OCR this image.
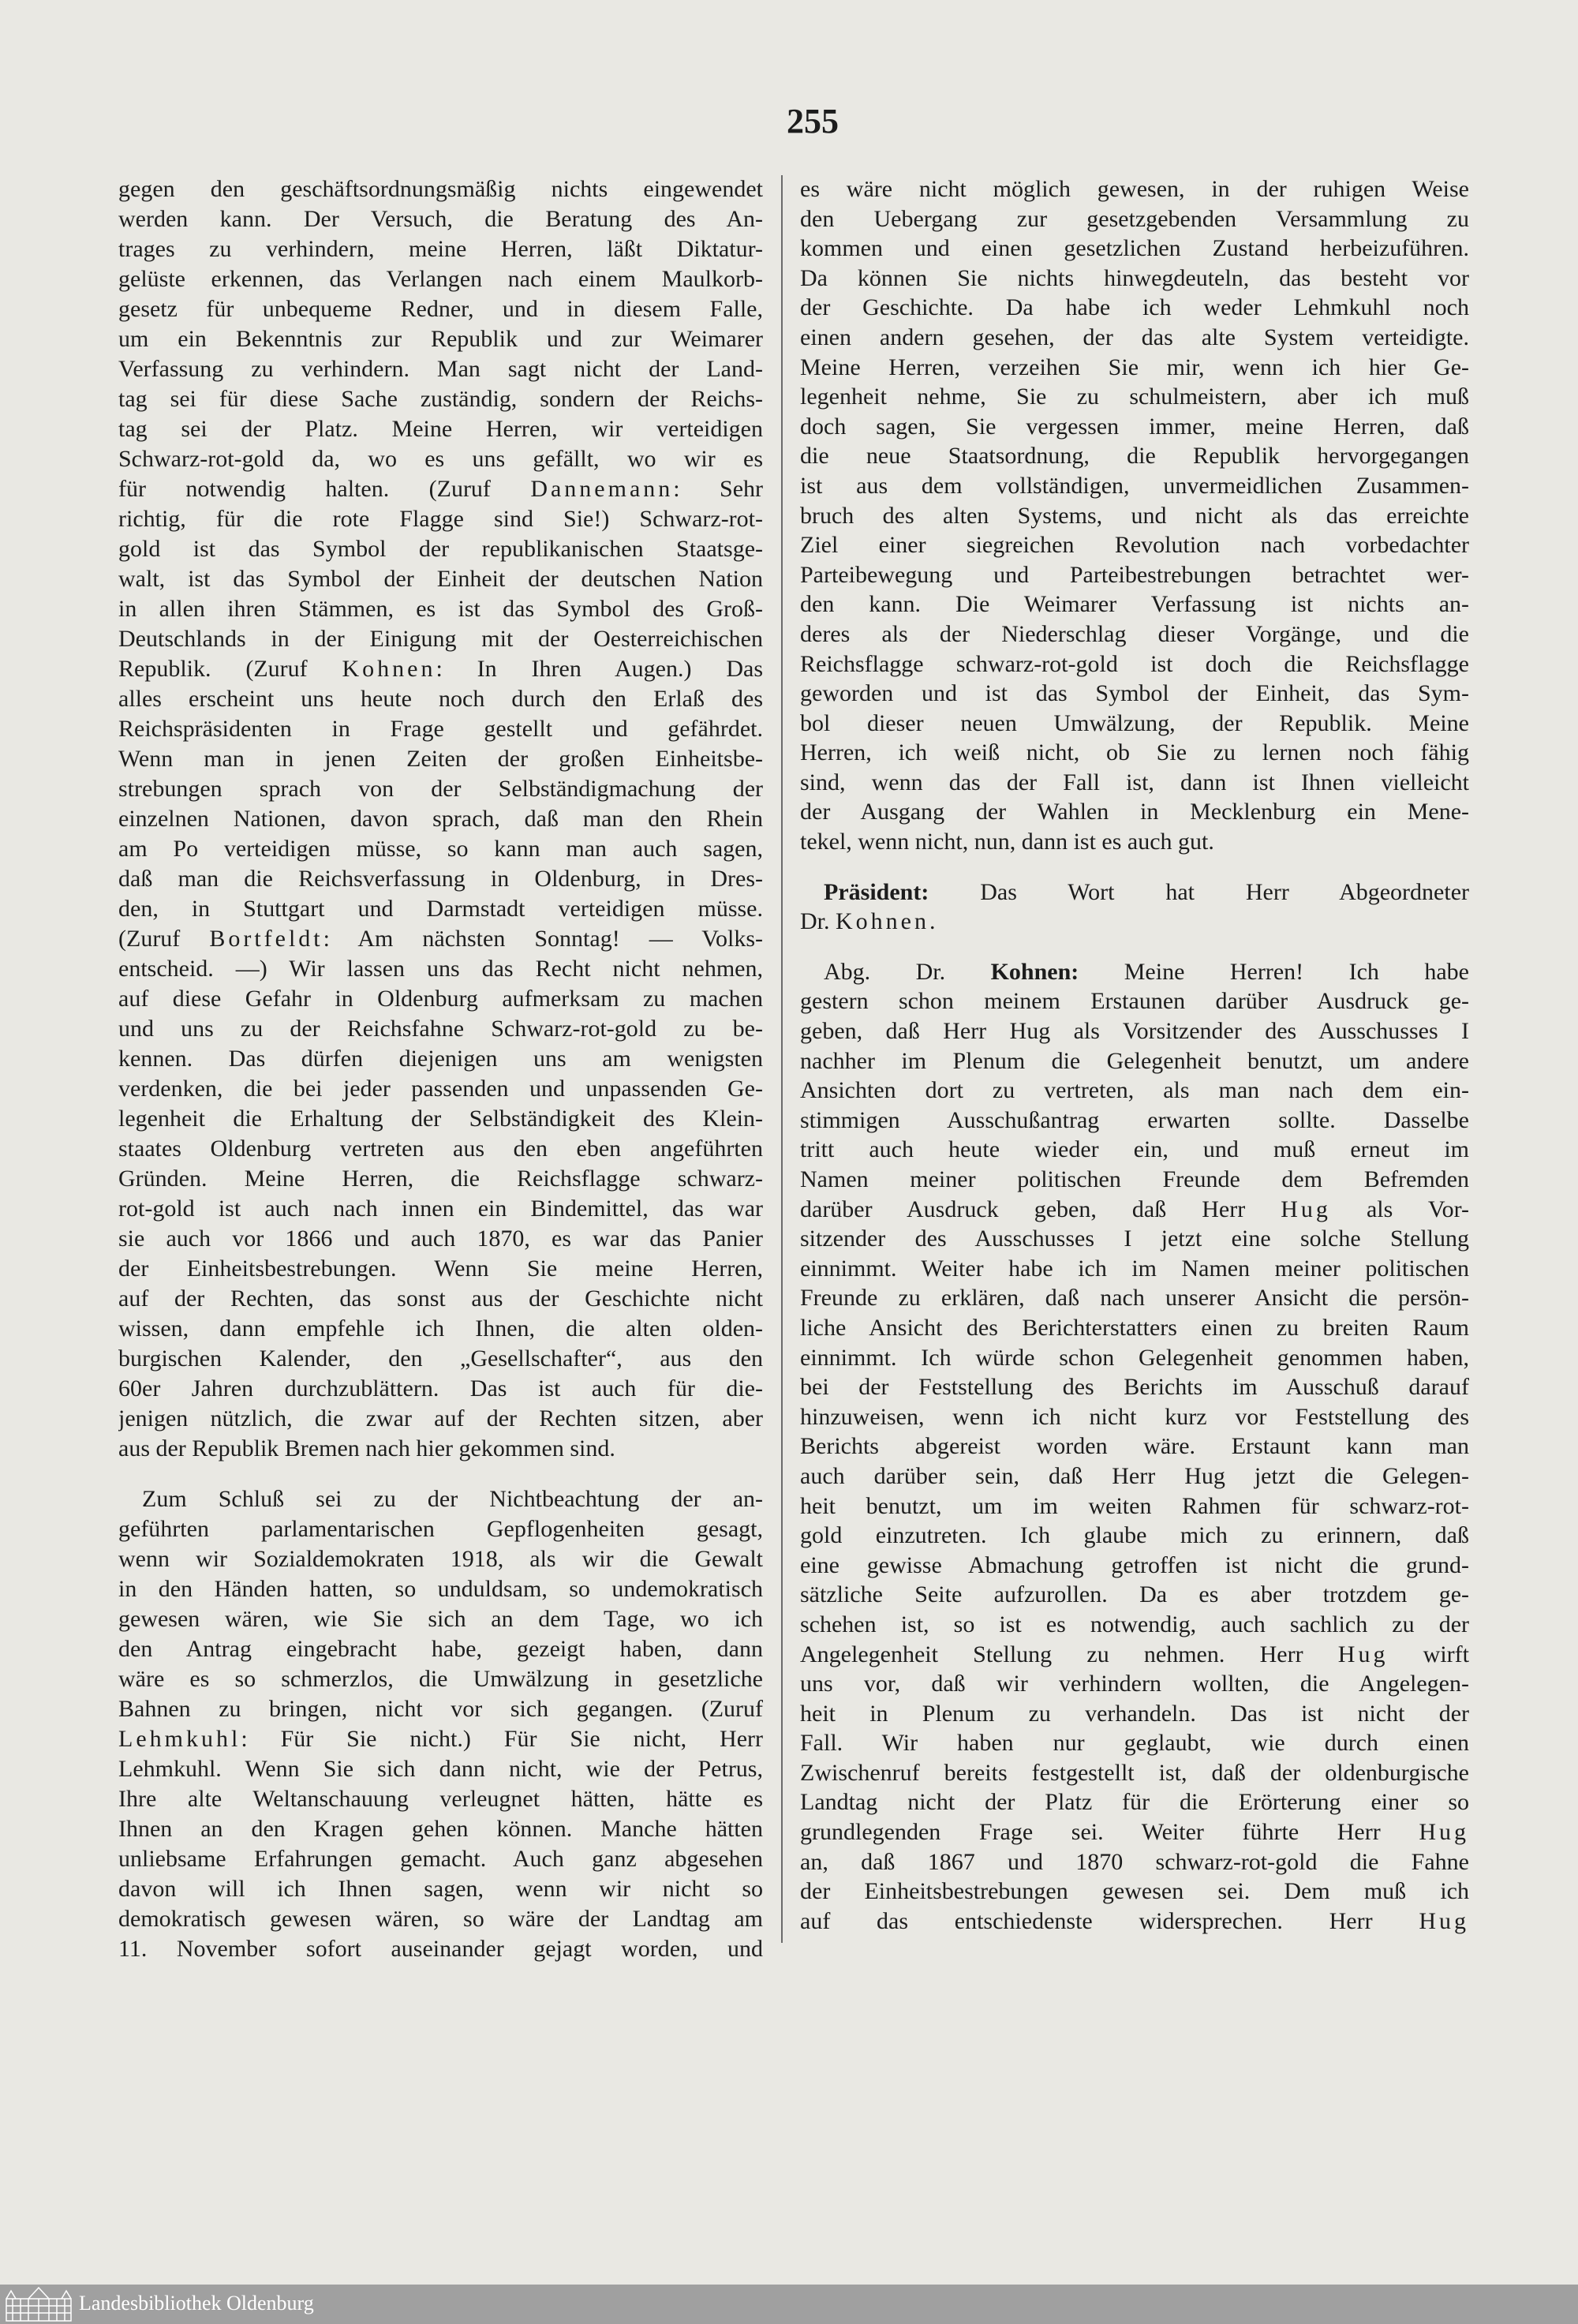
255
gegen den geschäftsordnungsmäßig nichts eingewendet
werden kann. Der Versuch, die Beratung des An-
trages zu verhindern, meine Herren, läßt Diktatur-
gelüste erkennen, das Verlangen nach einem Maulkorb-
gesetz für unbequeme Redner, und in diesem Falle,
um ein Bekenntnis zur Republik und zur Weimarer
Verfassung zu verhindern. Man sagt nicht der Land-
tag sei für diese Sache zuständig, sondern der Reichs-
tag sei der Platz. Meine Herren, wir verteidigen
Schwarz-rot-gold da, wo es uns gefällt, wo wir es
für notwendig halten. (Zuruf Dannemann: Sehr
richtig, für die rote Flagge sind Sie!) Schwarz-rot-
gold ist das Symbol der republikanischen Staatsge-
walt, ist das Symbol der Einheit der deutschen Nation
in allen ihren Stämmen, es ist das Symbol des Groß-
Deutschlands in der Einigung mit der Oesterreichischen
Republik. (Zuruf Kohnen: In Ihren Augen.) Das
alles erscheint uns heute noch durch den Erlaß des
Reichspräsidenten in Frage gestellt und gefährdet.
Wenn man in jenen Zeiten der großen Einheitsbe-
strebungen sprach von der Selbständigmachung der
einzelnen Nationen, davon sprach, daß man den Rhein
am Po verteidigen müsse, so kann man auch sagen,
daß man die Reichsverfassung in Oldenburg, in Dres-
den, in Stuttgart und Darmstadt verteidigen müsse.
(Zuruf Bortfeldt: Am nächsten Sonntag! — Volks-
entscheid. —) Wir lassen uns das Recht nicht nehmen,
auf diese Gefahr in Oldenburg aufmerksam zu machen
und uns zu der Reichsfahne Schwarz-rot-gold zu be-
kennen. Das dürfen diejenigen uns am wenigsten
verdenken, die bei jeder passenden und unpassenden Ge-
legenheit die Erhaltung der Selbständigkeit des Klein-
staates Oldenburg vertreten aus den eben angeführten
Gründen. Meine Herren, die Reichsflagge schwarz-
rot-gold ist auch nach innen ein Bindemittel, das war
sie auch vor 1866 und auch 1870, es war das Panier
der Einheitsbestrebungen. Wenn Sie meine Herren,
auf der Rechten, das sonst aus der Geschichte nicht
wissen, dann empfehle ich Ihnen, die alten olden-
burgischen Kalender, den „Gesellschafter“, aus den
60er Jahren durchzublättern. Das ist auch für die-
jenigen nützlich, die zwar auf der Rechten sitzen, aber
aus der Republik Bremen nach hier gekommen sind.
Zum Schluß sei zu der Nichtbeachtung der an-
geführten parlamentarischen Gepflogenheiten gesagt,
wenn wir Sozialdemokraten 1918, als wir die Gewalt
in den Händen hatten, so unduldsam, so undemokratisch
gewesen wären, wie Sie sich an dem Tage, wo ich
den Antrag eingebracht habe, gezeigt haben, dann
wäre es so schmerzlos, die Umwälzung in gesetzliche
Bahnen zu bringen, nicht vor sich gegangen. (Zuruf
Lehmkuhl: Für Sie nicht.) Für Sie nicht, Herr
Lehmkuhl. Wenn Sie sich dann nicht, wie der Petrus,
Ihre alte Weltanschauung verleugnet hätten, hätte es
Ihnen an den Kragen gehen können. Manche hätten
unliebsame Erfahrungen gemacht. Auch ganz abgesehen
davon will ich Ihnen sagen, wenn wir nicht so
demokratisch gewesen wären, so wäre der Landtag am
11. November sofort auseinander gejagt worden, und
es wäre nicht möglich gewesen, in der ruhigen Weise
den Uebergang zur gesetzgebenden Versammlung zu
kommen und einen gesetzlichen Zustand herbeizuführen.
Da können Sie nichts hinwegdeuteln, das besteht vor
der Geschichte. Da habe ich weder Lehmkuhl noch
einen andern gesehen, der das alte System verteidigte.
Meine Herren, verzeihen Sie mir, wenn ich hier Ge-
legenheit nehme, Sie zu schulmeistern, aber ich muß
doch sagen, Sie vergessen immer, meine Herren, daß
die neue Staatsordnung, die Republik hervorgegangen
ist aus dem vollständigen, unvermeidlichen Zusammen-
bruch des alten Systems, und nicht als das erreichte
Ziel einer siegreichen Revolution nach vorbedachter
Parteibewegung und Parteibestrebungen betrachtet wer-
den kann. Die Weimarer Verfassung ist nichts an-
deres als der Niederschlag dieser Vorgänge, und die
Reichsflagge schwarz-rot-gold ist doch die Reichsflagge
geworden und ist das Symbol der Einheit, das Sym-
bol dieser neuen Umwälzung, der Republik. Meine
Herren, ich weiß nicht, ob Sie zu lernen noch fähig
sind, wenn das der Fall ist, dann ist Ihnen vielleicht
der Ausgang der Wahlen in Mecklenburg ein Mene-
tekel, wenn nicht, nun, dann ist es auch gut.
Präsident: Das Wort hat Herr Abgeordneter
Dr. Kohnen.
Abg. Dr. Kohnen: Meine Herren! Ich habe
gestern schon meinem Erstaunen darüber Ausdruck ge-
geben, daß Herr Hug als Vorsitzender des Ausschusses I
nachher im Plenum die Gelegenheit benutzt, um andere
Ansichten dort zu vertreten, als man nach dem ein-
stimmigen Ausschußantrag erwarten sollte. Dasselbe
tritt auch heute wieder ein, und muß erneut im
Namen meiner politischen Freunde dem Befremden
darüber Ausdruck geben, daß Herr Hug als Vor-
sitzender des Ausschusses I jetzt eine solche Stellung
einnimmt. Weiter habe ich im Namen meiner politischen
Freunde zu erklären, daß nach unserer Ansicht die persön-
liche Ansicht des Berichterstatters einen zu breiten Raum
einnimmt. Ich würde schon Gelegenheit genommen haben,
bei der Feststellung des Berichts im Ausschuß darauf
hinzuweisen, wenn ich nicht kurz vor Feststellung des
Berichts abgereist worden wäre. Erstaunt kann man
auch darüber sein, daß Herr Hug jetzt die Gelegen-
heit benutzt, um im weiten Rahmen für schwarz-rot-
gold einzutreten. Ich glaube mich zu erinnern, daß
eine gewisse Abmachung getroffen ist nicht die grund-
sätzliche Seite aufzurollen. Da es aber trotzdem ge-
schehen ist, so ist es notwendig, auch sachlich zu der
Angelegenheit Stellung zu nehmen. Herr Hug wirft
uns vor, daß wir verhindern wollten, die Angelegen-
heit in Plenum zu verhandeln. Das ist nicht der
Fall. Wir haben nur geglaubt, wie durch einen
Zwischenruf bereits festgestellt ist, daß der oldenburgische
Landtag nicht der Platz für die Erörterung einer so
grundlegenden Frage sei. Weiter führte Herr Hug
an, daß 1867 und 1870 schwarz-rot-gold die Fahne
der Einheitsbestrebungen gewesen sei. Dem muß ich
auf das entschiedenste widersprechen. Herr Hug
Landesbibliothek Oldenburg
